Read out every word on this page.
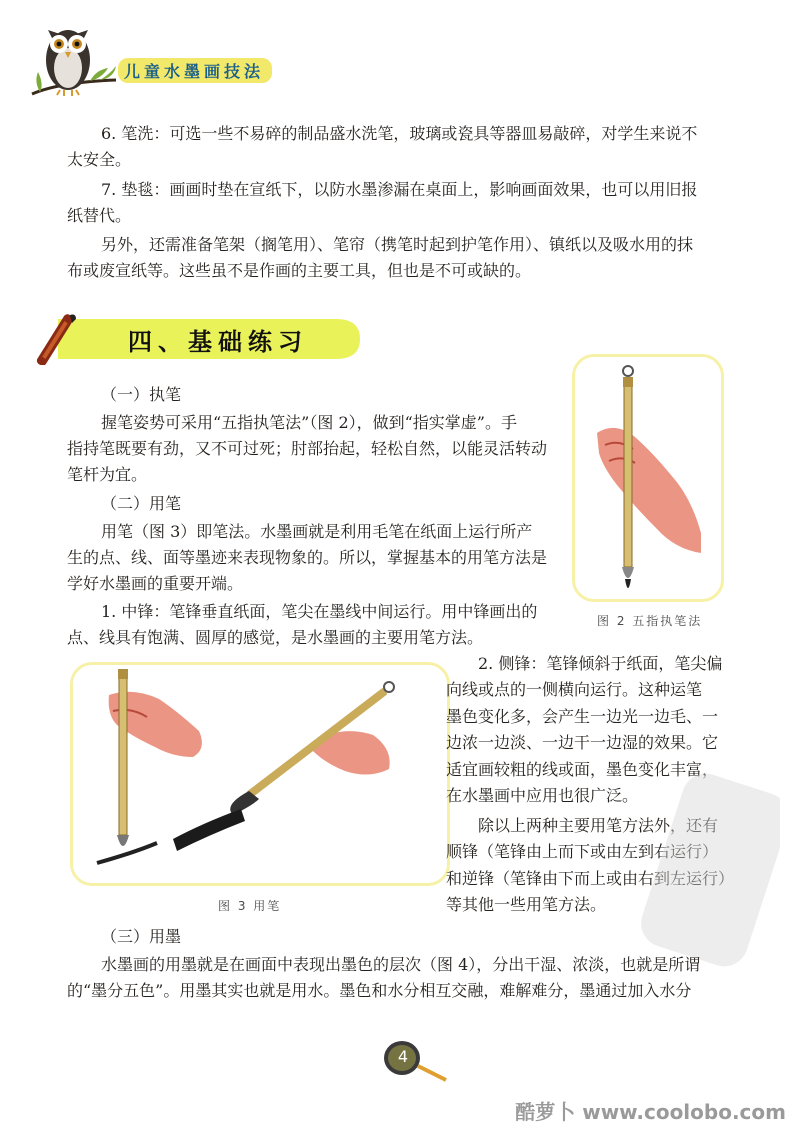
儿童水墨画技法
6. 笔洗：可选一些不易碎的制品盛水洗笔，玻璃或瓷具等器皿易敲碎，对学生来说不
太安全。
7. 垫毯：画画时垫在宣纸下，以防水墨渗漏在桌面上，影响画面效果，也可以用旧报
纸替代。
另外，还需准备笔架（搁笔用）、笔帘（携笔时起到护笔作用）、镇纸以及吸水用的抹
布或废宣纸等。这些虽不是作画的主要工具，但也是不可或缺的。
四、基础练习
图 2 五指执笔法
（一）执笔
握笔姿势可采用“五指执笔法”（图 2），做到“指实掌虚”。手
指持笔既要有劲，又不可过死；肘部抬起，轻松自然，以能灵活转动
笔杆为宜。
（二）用笔
用笔（图 3）即笔法。水墨画就是利用毛笔在纸面上运行所产
生的点、线、面等墨迹来表现物象的。所以，掌握基本的用笔方法是
学好水墨画的重要开端。
1. 中锋：笔锋垂直纸面，笔尖在墨线中间运行。用中锋画出的
点、线具有饱满、圆厚的感觉，是水墨画的主要用笔方法。
图 3 用笔
2. 侧锋：笔锋倾斜于纸面，笔尖偏
向线或点的一侧横向运行。这种运笔
墨色变化多，会产生一边光一边毛、一
边浓一边淡、一边干一边湿的效果。它
适宜画较粗的线或面，墨色变化丰富，
在水墨画中应用也很广泛。
除以上两种主要用笔方法外，还有
顺锋（笔锋由上而下或由左到右运行）
和逆锋（笔锋由下而上或由右到左运行）
等其他一些用笔方法。
（三）用墨
水墨画的用墨就是在画面中表现出墨色的层次（图 4），分出干湿、浓淡，也就是所谓
的“墨分五色”。用墨其实也就是用水。墨色和水分相互交融，难解难分，墨通过加入水分
4
酷萝卜 www.coolobo.com
